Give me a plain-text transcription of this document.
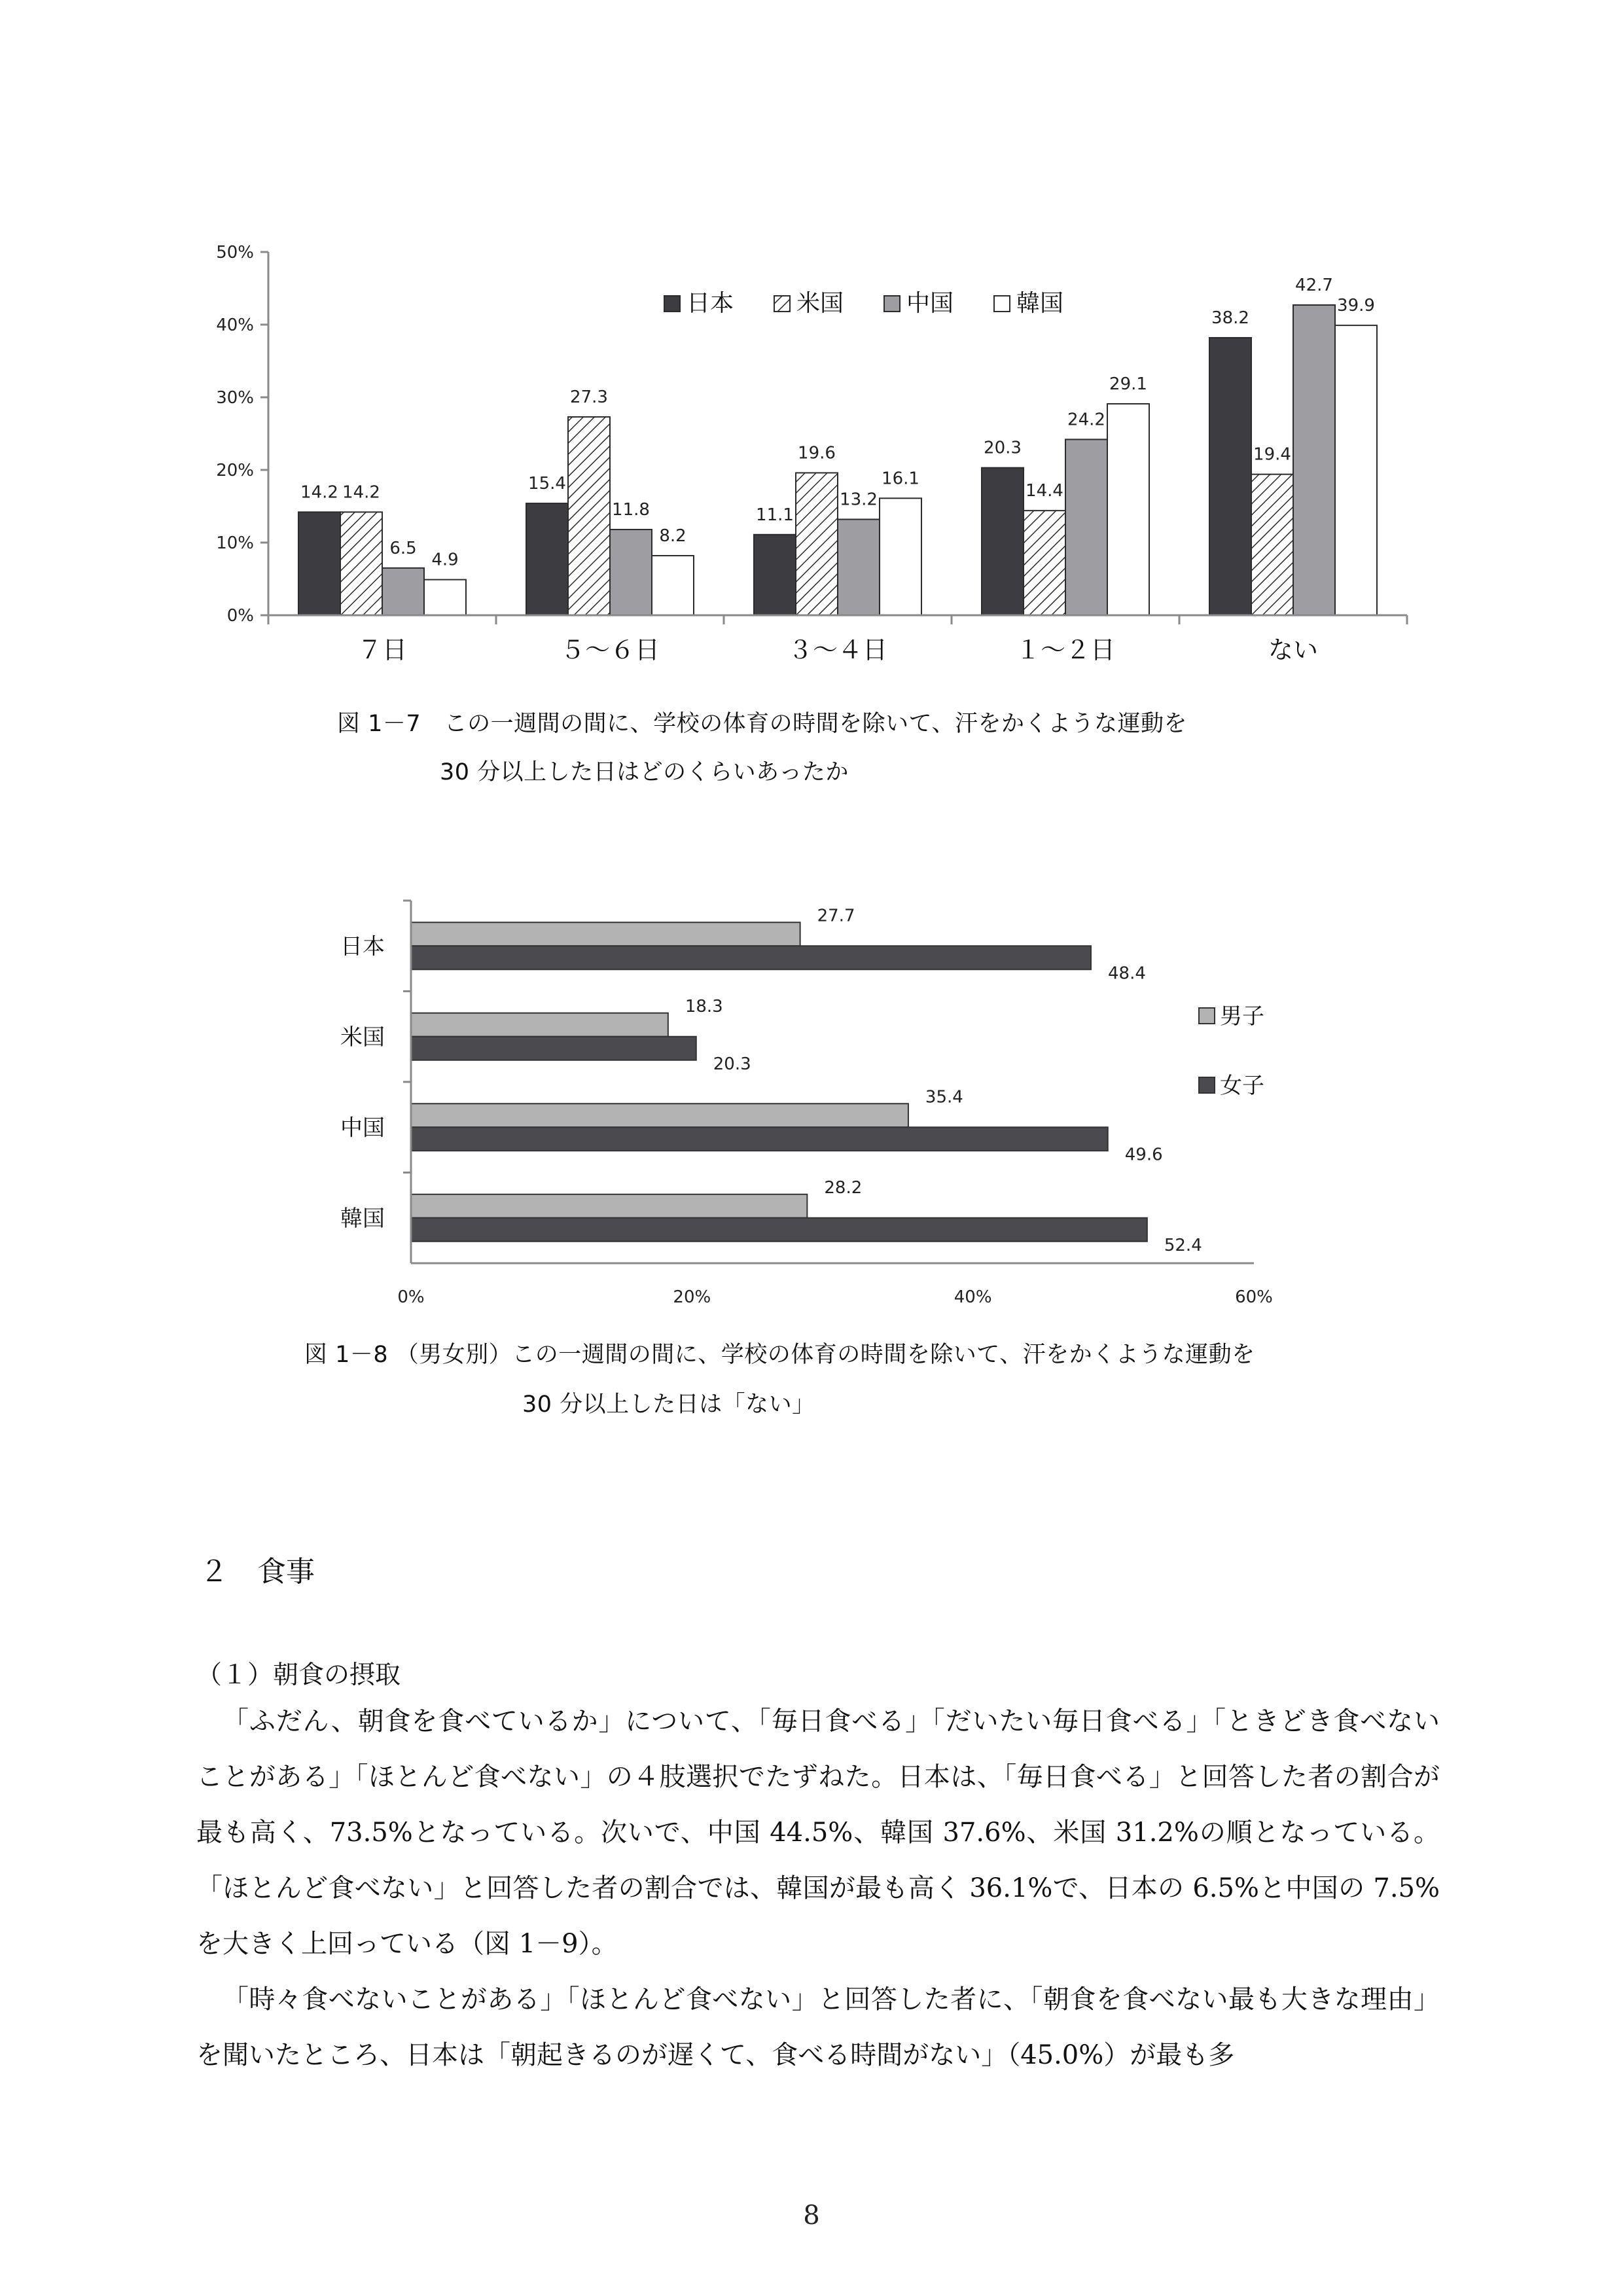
14.2	15.4
11.1
20.3
38.2
14.2
27.3
19.6
14.4
19.4
6.5
11.8
13.2
24.2
42.7
4.9
8.2
16.1
29.1
39.9
0%
10%
20%
30%
40%
50%
７日	５～６日	３～４日	１～２日	ない
日本	米国	中国	韓国
図 1－7　この一週間の間に、学校の体育の時間を除いて、汗をかくような運動を
30 分以上した日はどのくらいあったか
27.7
48.4
18.3
20.3
35.4
49.6
28.2
52.4
0%	20%	40%	60%
日本
米国
中国
韓国
男子
女子
図 1－8 （男女別）この一週間の間に、学校の体育の時間を除いて、汗をかくような運動を
30 分以上した日は「ない」
２　食事
（１）朝食の摂取

「ふだん、朝食を食べているか」について、「毎日食べる」「だいたい毎日食べる」「ときどき食べないことがある」「ほとんど食べない」の４肢選択でたずねた。日本は、「毎日食べる」と回答した者の割合が最も高く、73.5%となっている。次いで、中国 44.5%、韓国 37.6%、米国 31.2%の順となっている。「ほとんど食べない」と回答した者の割合では、韓国が最も高く 36.1%で、日本の 6.5%と中国の 7.5%を大きく上回っている（図 1－9）。

「時々食べないことがある」「ほとんど食べない」と回答した者に、「朝食を食べない最も大きな理由」を聞いたところ、日本は「朝起きるのが遅くて、食べる時間がない」（45.0%）が最も多

8
